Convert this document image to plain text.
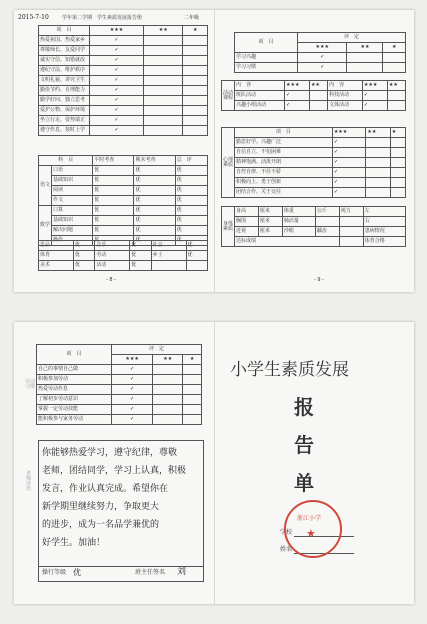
2015-7-10	学年第二学期　学生素质发展报告册	二年级
项　目	★★★	★★	★
热爱祖国、热爱家乡	✓		
尊敬师长、友爱同学	✓		
诚实守信、知错就改	✓		
遵纪守法、维护秩序	✓		
文明礼貌、讲究卫生	✓		
勤俭节约、自理能力	✓		
勤学好问、独立思考	✓		
爱护公物、保护环境	✓		
坐立行走、姿势端正	✓		
遵守作息、按时上学	✓		
科　目		平时考查	期末考查	总　评
语文	口语	优	优	优
	基础知识	优	优	优
	阅读	优	优	优
	作文	优	优	优
数学	口算	优	优	优
	基础知识	优	优	优
	解决问题	优	优	优
	操作	优	优	优
思品	优	音乐	优	社会	优
体育	优	劳动	优	乡土	优
美术	优	活动	优		
- 8 -
项　目	评　定		
	★★★	★★	★
学习兴趣	✓		
学习习惯	✓		
活动课程	内　容	★★★	★★	内　容	★★★	★★
	班队活动	✓		科技活动	✓	
	兴趣小组活动	✓		文体活动	✓	
心理素质	项　目	★★★	★★	★
	勤思好学、兴趣广泛	✓		
	自信自立、不怕困难	✓		
	精神饱满、活泼开朗	✓		
	自控自律、不任不骄	✓		
	积极向上、勇于创新	✓		
	团结合作、关于交往	✓		
身体素质	身高	厘米	体重	公斤	视力	左
	胸围	厘米	肺活量			右
	近视	厘米	沙眼	龋齿		患病情况
	达标成绩					体育合格
- 9 -
劳动习惯	项　目	评　定		
		★★★	★★	★
	自己的事情自己做	✓		
	积极参加劳动	✓		
	热爱劳动作息	✓		
	了解初步劳动意识	✓		
	掌握一定劳动技能	✓		
	能积极参与家务劳动	✓		
老师评语
你能够热爱学习，遵守纪律，尊敬
老师，团结同学，学习上认真，积极
发言，作业认真完成。希望你在
新学期里继续努力，争取更大
的进步，成为一名品学兼优的
好学生。加油！
操行等级 优	班主任签名 刘
小学生素质发展
报
告
单
学校
姓名
浙江小学
★
